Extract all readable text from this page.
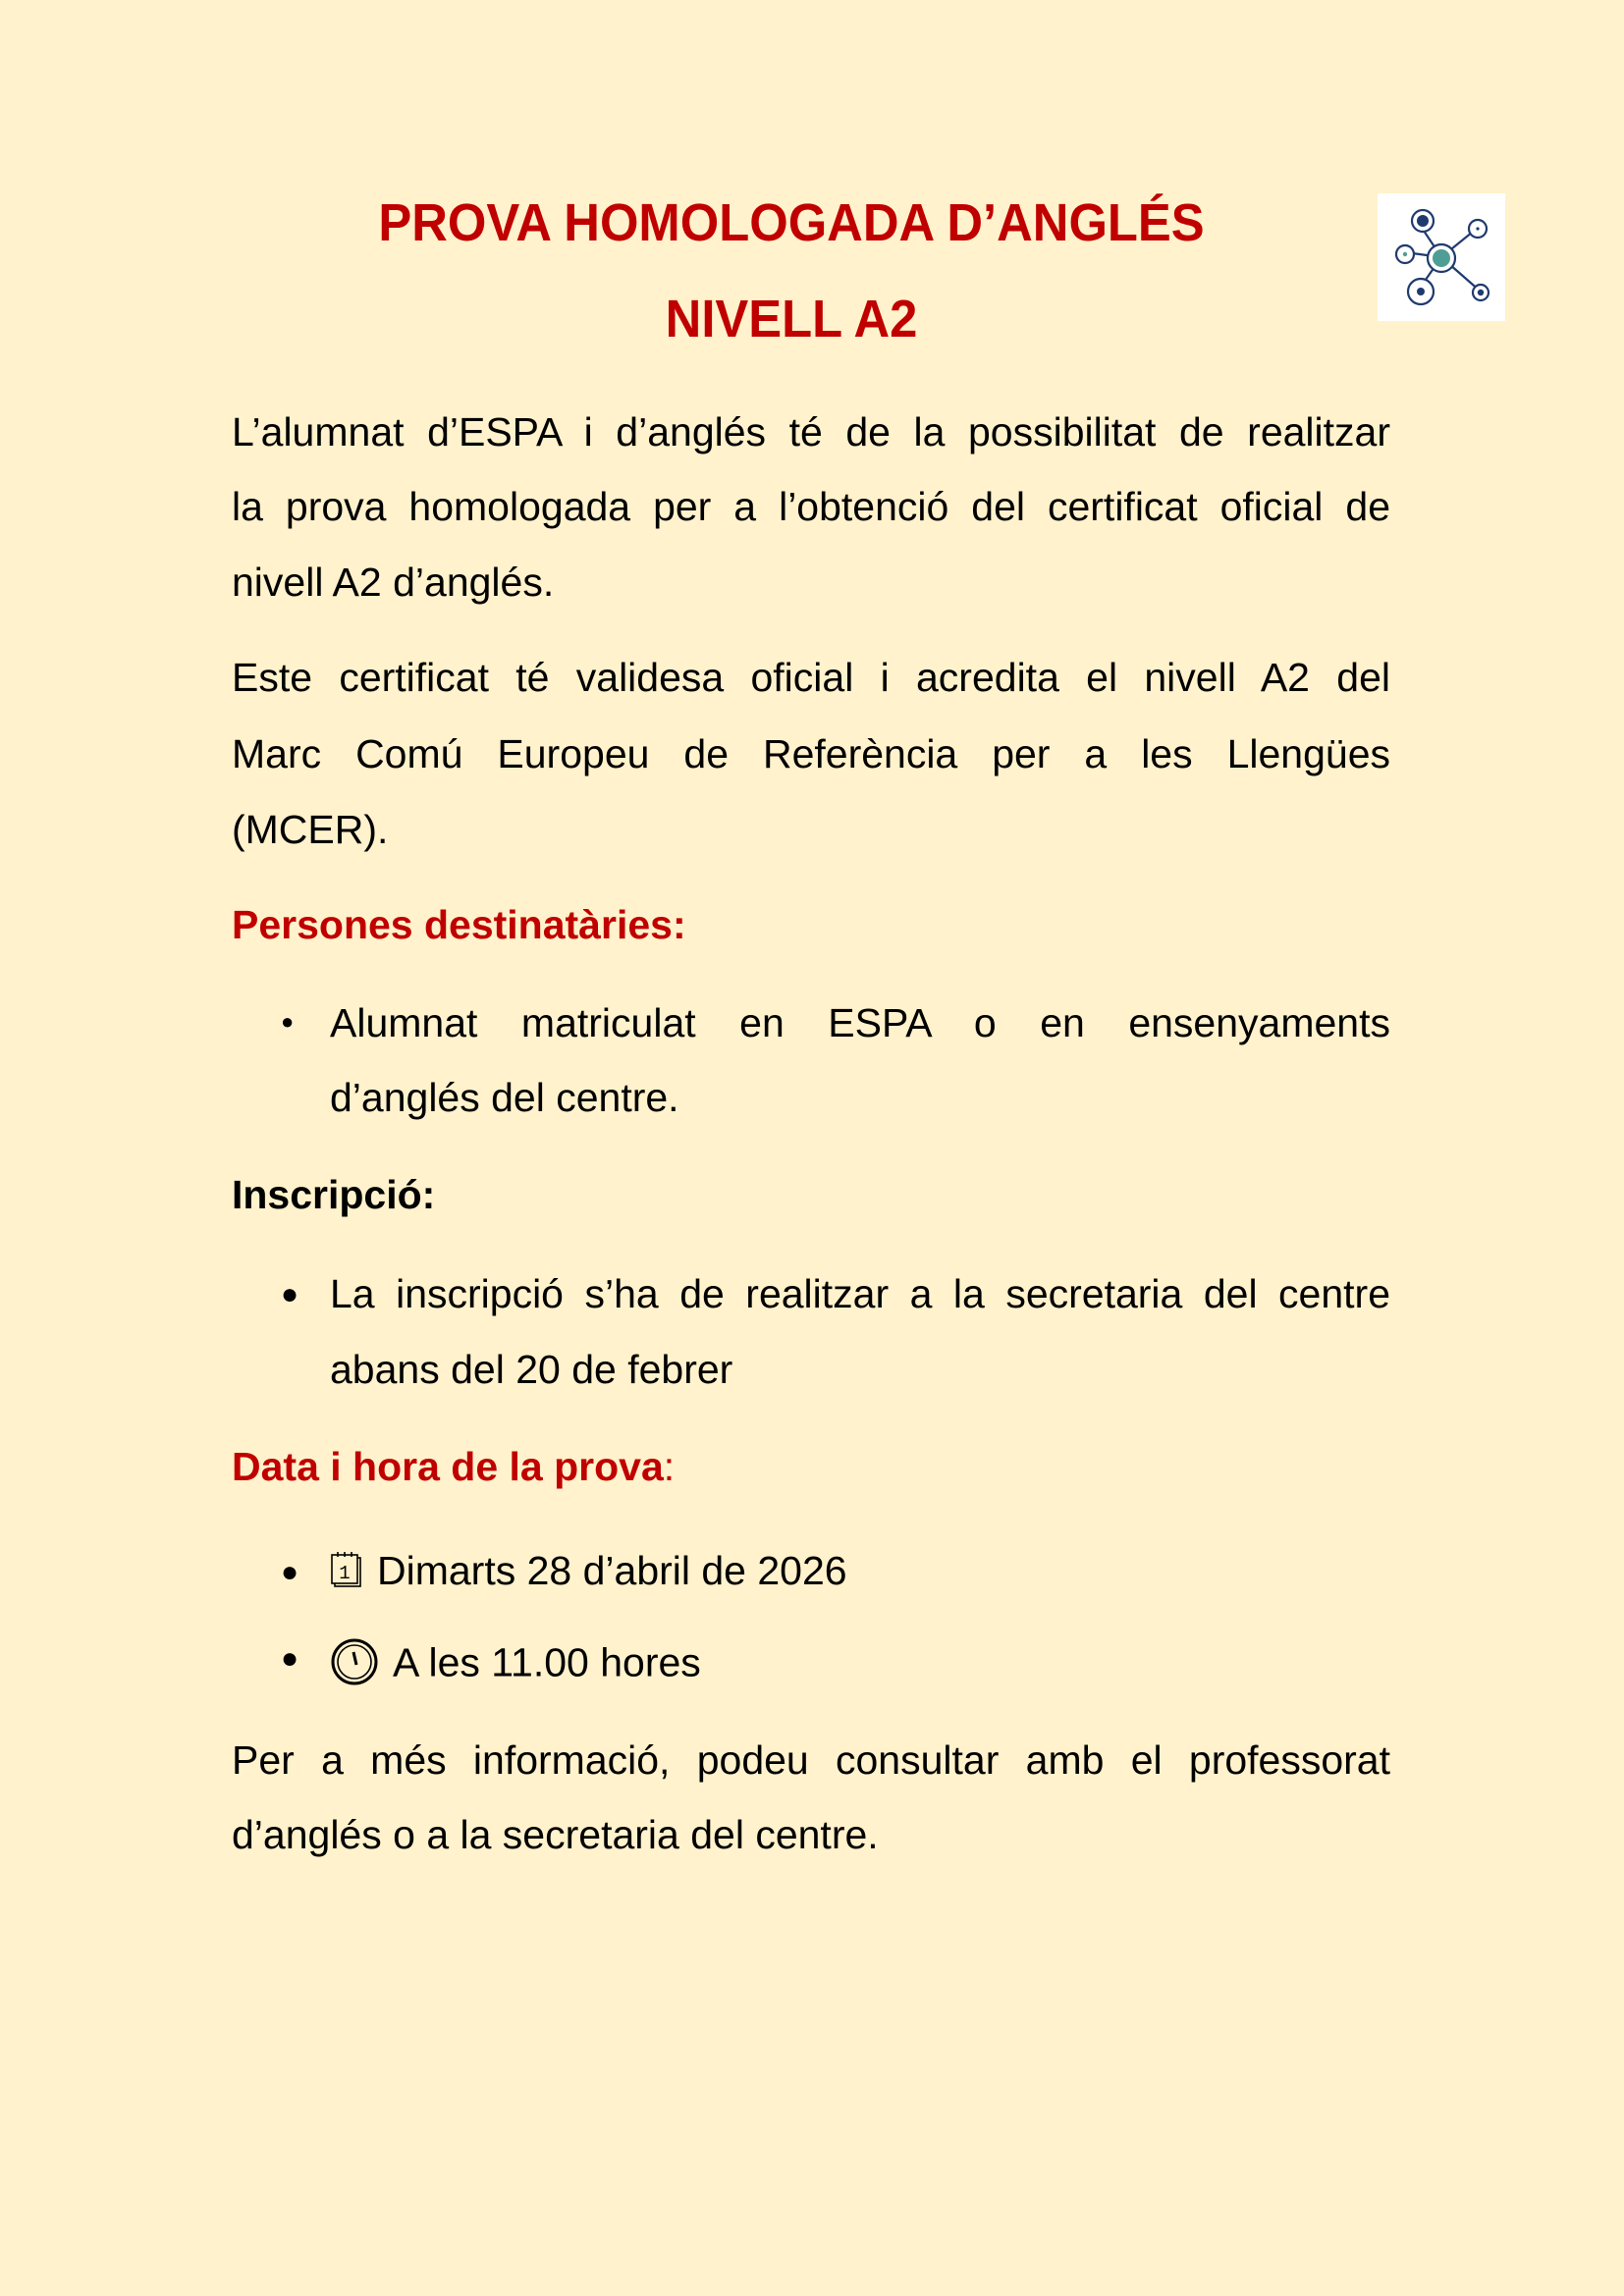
PROVA HOMOLOGADA D’ANGLÉS
NIVELL A2
L’alumnat d’ESPA i d’anglés té de la possibilitat de realitzar
la prova homologada per a l’obtenció del certificat oficial de
nivell A2 d’anglés.
Este certificat té validesa oficial i acredita el nivell A2 del
Marc Comú Europeu de Referència per a les Llengües
(MCER).
Persones destinatàries:
● Alumnat matriculat en ESPA o en ensenyaments
d’anglés del centre.
Inscripció:
● La inscripció s’ha de realitzar a la secretaria del centre
abans del 20 de febrer
Data i hora de la prova:
● 1 Dimarts 28 d’abril de 2026
●	A les 11.00 hores
Per a més informació, podeu consultar amb el professorat
d’anglés o a la secretaria del centre.
